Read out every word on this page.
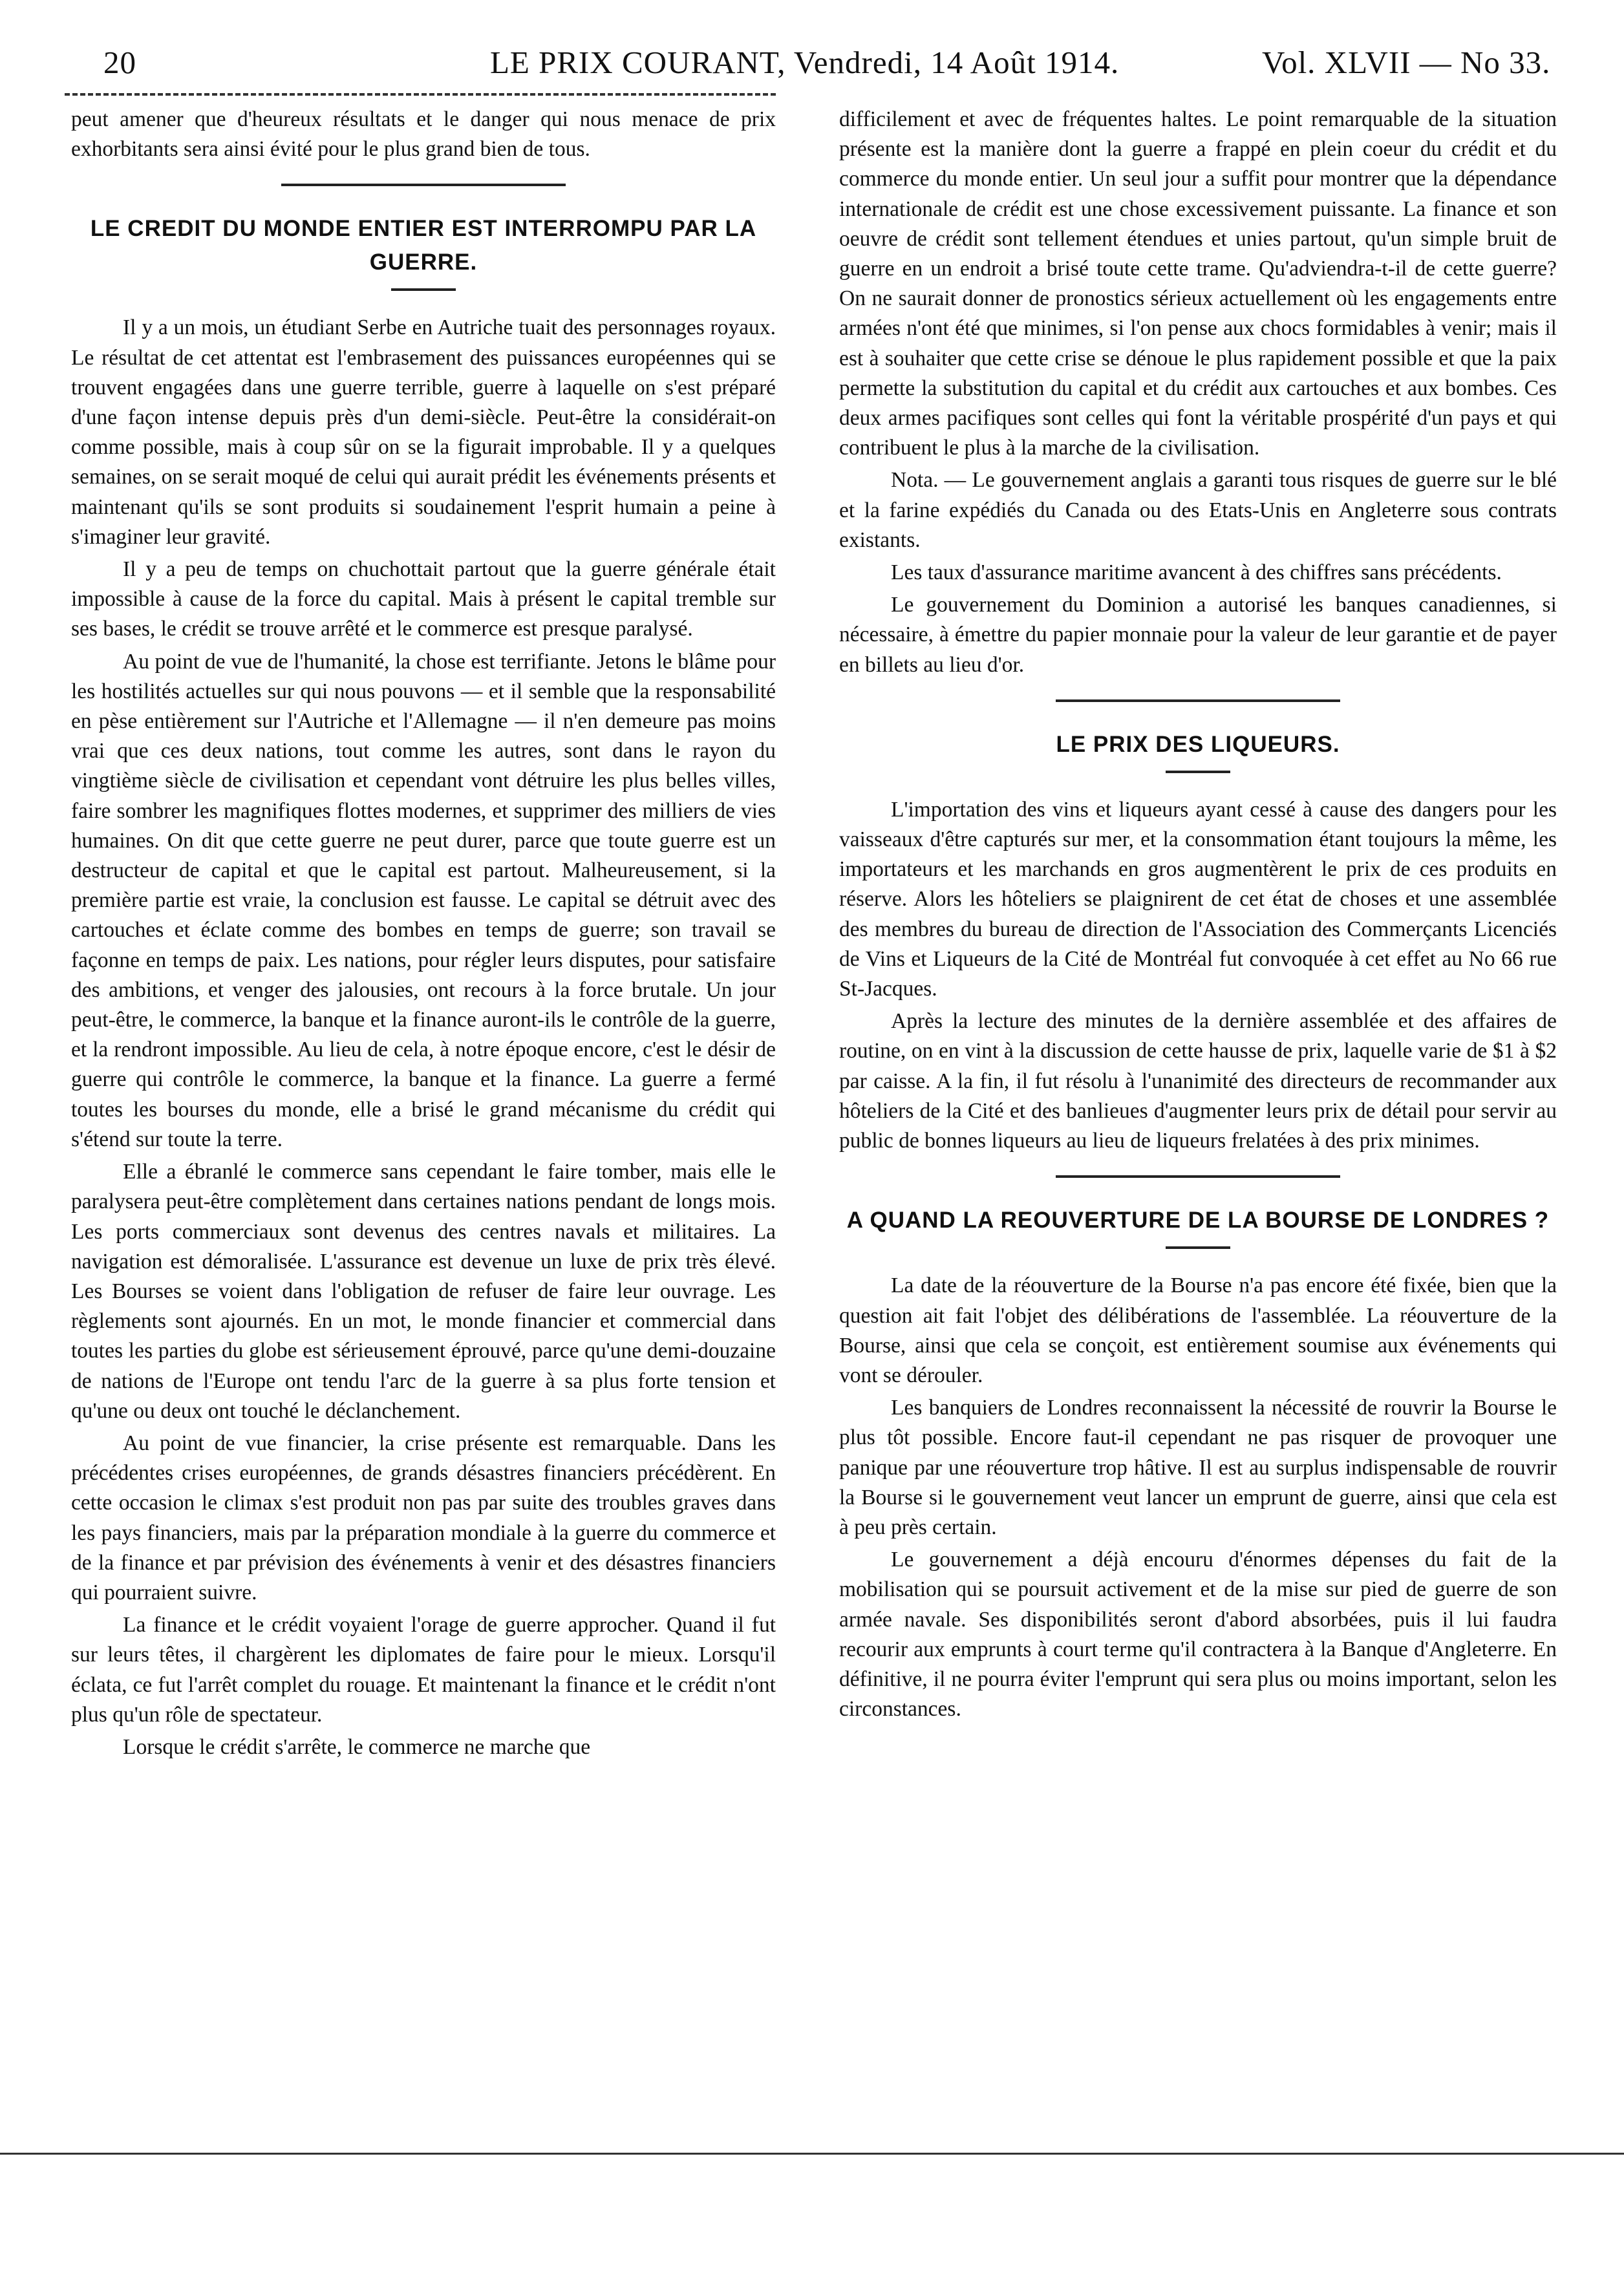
20	LE PRIX COURANT, Vendredi, 14 Août 1914.	Vol. XLVII — No 33.

peut amener que d'heureux résultats et le danger qui nous menace de prix exhorbitants sera ainsi évité pour le plus grand bien de tous.

LE CREDIT DU MONDE ENTIER EST INTERROMPU PAR LA GUERRE.

Il y a un mois, un étudiant Serbe en Autriche tuait des personnages royaux. Le résultat de cet attentat est l'embrasement des puissances européennes qui se trouvent engagées dans une guerre terrible, guerre à laquelle on s'est préparé d'une façon intense depuis près d'un demi-siècle. Peut-être la considérait-on comme possible, mais à coup sûr on se la figurait improbable. Il y a quelques semaines, on se serait moqué de celui qui aurait prédit les événements présents et maintenant qu'ils se sont produits si soudainement l'esprit humain a peine à s'imaginer leur gravité.

Il y a peu de temps on chuchottait partout que la guerre générale était impossible à cause de la force du capital. Mais à présent le capital tremble sur ses bases, le crédit se trouve arrêté et le commerce est presque paralysé.

Au point de vue de l'humanité, la chose est terrifiante. Jetons le blâme pour les hostilités actuelles sur qui nous pouvons — et il semble que la responsabilité en pèse entièrement sur l'Autriche et l'Allemagne — il n'en demeure pas moins vrai que ces deux nations, tout comme les autres, sont dans le rayon du vingtième siècle de civilisation et cependant vont détruire les plus belles villes, faire sombrer les magnifiques flottes modernes, et supprimer des milliers de vies humaines. On dit que cette guerre ne peut durer, parce que toute guerre est un destructeur de capital et que le capital est partout. Malheureusement, si la première partie est vraie, la conclusion est fausse. Le capital se détruit avec des cartouches et éclate comme des bombes en temps de guerre; son travail se façonne en temps de paix. Les nations, pour régler leurs disputes, pour satisfaire des ambitions, et venger des jalousies, ont recours à la force brutale. Un jour peut-être, le commerce, la banque et la finance auront-ils le contrôle de la guerre, et la rendront impossible. Au lieu de cela, à notre époque encore, c'est le désir de guerre qui contrôle le commerce, la banque et la finance. La guerre a fermé toutes les bourses du monde, elle a brisé le grand mécanisme du crédit qui s'étend sur toute la terre.

Elle a ébranlé le commerce sans cependant le faire tomber, mais elle le paralysera peut-être complètement dans certaines nations pendant de longs mois. Les ports commerciaux sont devenus des centres navals et militaires. La navigation est démoralisée. L'assurance est devenue un luxe de prix très élevé. Les Bourses se voient dans l'obligation de refuser de faire leur ouvrage. Les règlements sont ajournés. En un mot, le monde financier et commercial dans toutes les parties du globe est sérieusement éprouvé, parce qu'une demi-douzaine de nations de l'Europe ont tendu l'arc de la guerre à sa plus forte tension et qu'une ou deux ont touché le déclanchement.

Au point de vue financier, la crise présente est remarquable. Dans les précédentes crises européennes, de grands désastres financiers précédèrent. En cette occasion le climax s'est produit non pas par suite des troubles graves dans les pays financiers, mais par la préparation mondiale à la guerre du commerce et de la finance et par prévision des événements à venir et des désastres financiers qui pourraient suivre.

La finance et le crédit voyaient l'orage de guerre approcher. Quand il fut sur leurs têtes, il chargèrent les diplomates de faire pour le mieux. Lorsqu'il éclata, ce fut l'arrêt complet du rouage. Et maintenant la finance et le crédit n'ont plus qu'un rôle de spectateur.

Lorsque le crédit s'arrête, le commerce ne marche que

difficilement et avec de fréquentes haltes. Le point remarquable de la situation présente est la manière dont la guerre a frappé en plein coeur du crédit et du commerce du monde entier. Un seul jour a suffit pour montrer que la dépendance internationale de crédit est une chose excessivement puissante. La finance et son oeuvre de crédit sont tellement étendues et unies partout, qu'un simple bruit de guerre en un endroit a brisé toute cette trame. Qu'adviendra-t-il de cette guerre? On ne saurait donner de pronostics sérieux actuellement où les engagements entre armées n'ont été que minimes, si l'on pense aux chocs formidables à venir; mais il est à souhaiter que cette crise se dénoue le plus rapidement possible et que la paix permette la substitution du capital et du crédit aux cartouches et aux bombes. Ces deux armes pacifiques sont celles qui font la véritable prospérité d'un pays et qui contribuent le plus à la marche de la civilisation.

Nota. — Le gouvernement anglais a garanti tous risques de guerre sur le blé et la farine expédiés du Canada ou des Etats-Unis en Angleterre sous contrats existants.

Les taux d'assurance maritime avancent à des chiffres sans précédents.

Le gouvernement du Dominion a autorisé les banques canadiennes, si nécessaire, à émettre du papier monnaie pour la valeur de leur garantie et de payer en billets au lieu d'or.

LE PRIX DES LIQUEURS.

L'importation des vins et liqueurs ayant cessé à cause des dangers pour les vaisseaux d'être capturés sur mer, et la consommation étant toujours la même, les importateurs et les marchands en gros augmentèrent le prix de ces produits en réserve. Alors les hôteliers se plaignirent de cet état de choses et une assemblée des membres du bureau de direction de l'Association des Commerçants Licenciés de Vins et Liqueurs de la Cité de Montréal fut convoquée à cet effet au No 66 rue St-Jacques.

Après la lecture des minutes de la dernière assemblée et des affaires de routine, on en vint à la discussion de cette hausse de prix, laquelle varie de $1 à $2 par caisse. A la fin, il fut résolu à l'unanimité des directeurs de recommander aux hôteliers de la Cité et des banlieues d'augmenter leurs prix de détail pour servir au public de bonnes liqueurs au lieu de liqueurs frelatées à des prix minimes.

A QUAND LA REOUVERTURE DE LA BOURSE DE LONDRES ?

La date de la réouverture de la Bourse n'a pas encore été fixée, bien que la question ait fait l'objet des délibérations de l'assemblée. La réouverture de la Bourse, ainsi que cela se conçoit, est entièrement soumise aux événements qui vont se dérouler.

Les banquiers de Londres reconnaissent la nécessité de rouvrir la Bourse le plus tôt possible. Encore faut-il cependant ne pas risquer de provoquer une panique par une réouverture trop hâtive. Il est au surplus indispensable de rouvrir la Bourse si le gouvernement veut lancer un emprunt de guerre, ainsi que cela est à peu près certain.

Le gouvernement a déjà encouru d'énormes dépenses du fait de la mobilisation qui se poursuit activement et de la mise sur pied de guerre de son armée navale. Ses disponibilités seront d'abord absorbées, puis il lui faudra recourir aux emprunts à court terme qu'il contractera à la Banque d'Angleterre. En définitive, il ne pourra éviter l'emprunt qui sera plus ou moins important, selon les circonstances.
